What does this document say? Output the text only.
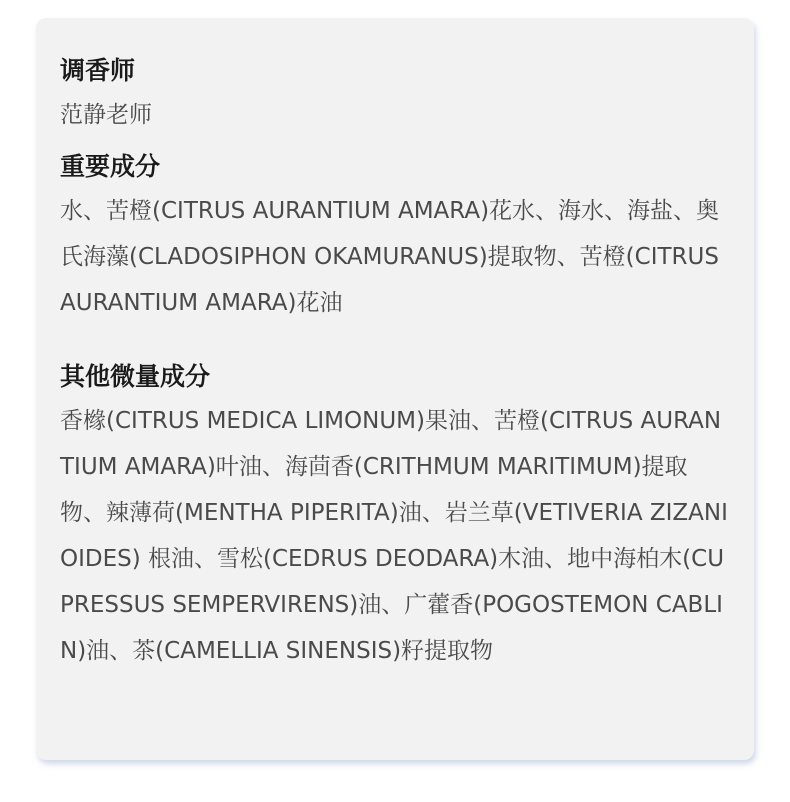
调香师

范静老师

重要成分

水、苦橙(CITRUS AURANTIUM AMARA)花水、海水、海盐、奥氏海藻(CLADOSIPHON OKAMURANUS)提取物、苦橙(CITRUS AURANTIUM AMARA)花油

其他微量成分

香橼(CITRUS MEDICA LIMONUM)果油、苦橙(CITRUS AURANTIUM AMARA)叶油、海茴香(CRITHMUM MARITIMUM)提取物、辣薄荷(MENTHA PIPERITA)油、岩兰草(VETIVERIA ZIZANIOIDES) 根油、雪松(CEDRUS DEODARA)木油、地中海柏木(CUPRESSUS SEMPERVIRENS)油、广藿香(POGOSTEMON CABLIN)油、茶(CAMELLIA SINENSIS)籽提取物
